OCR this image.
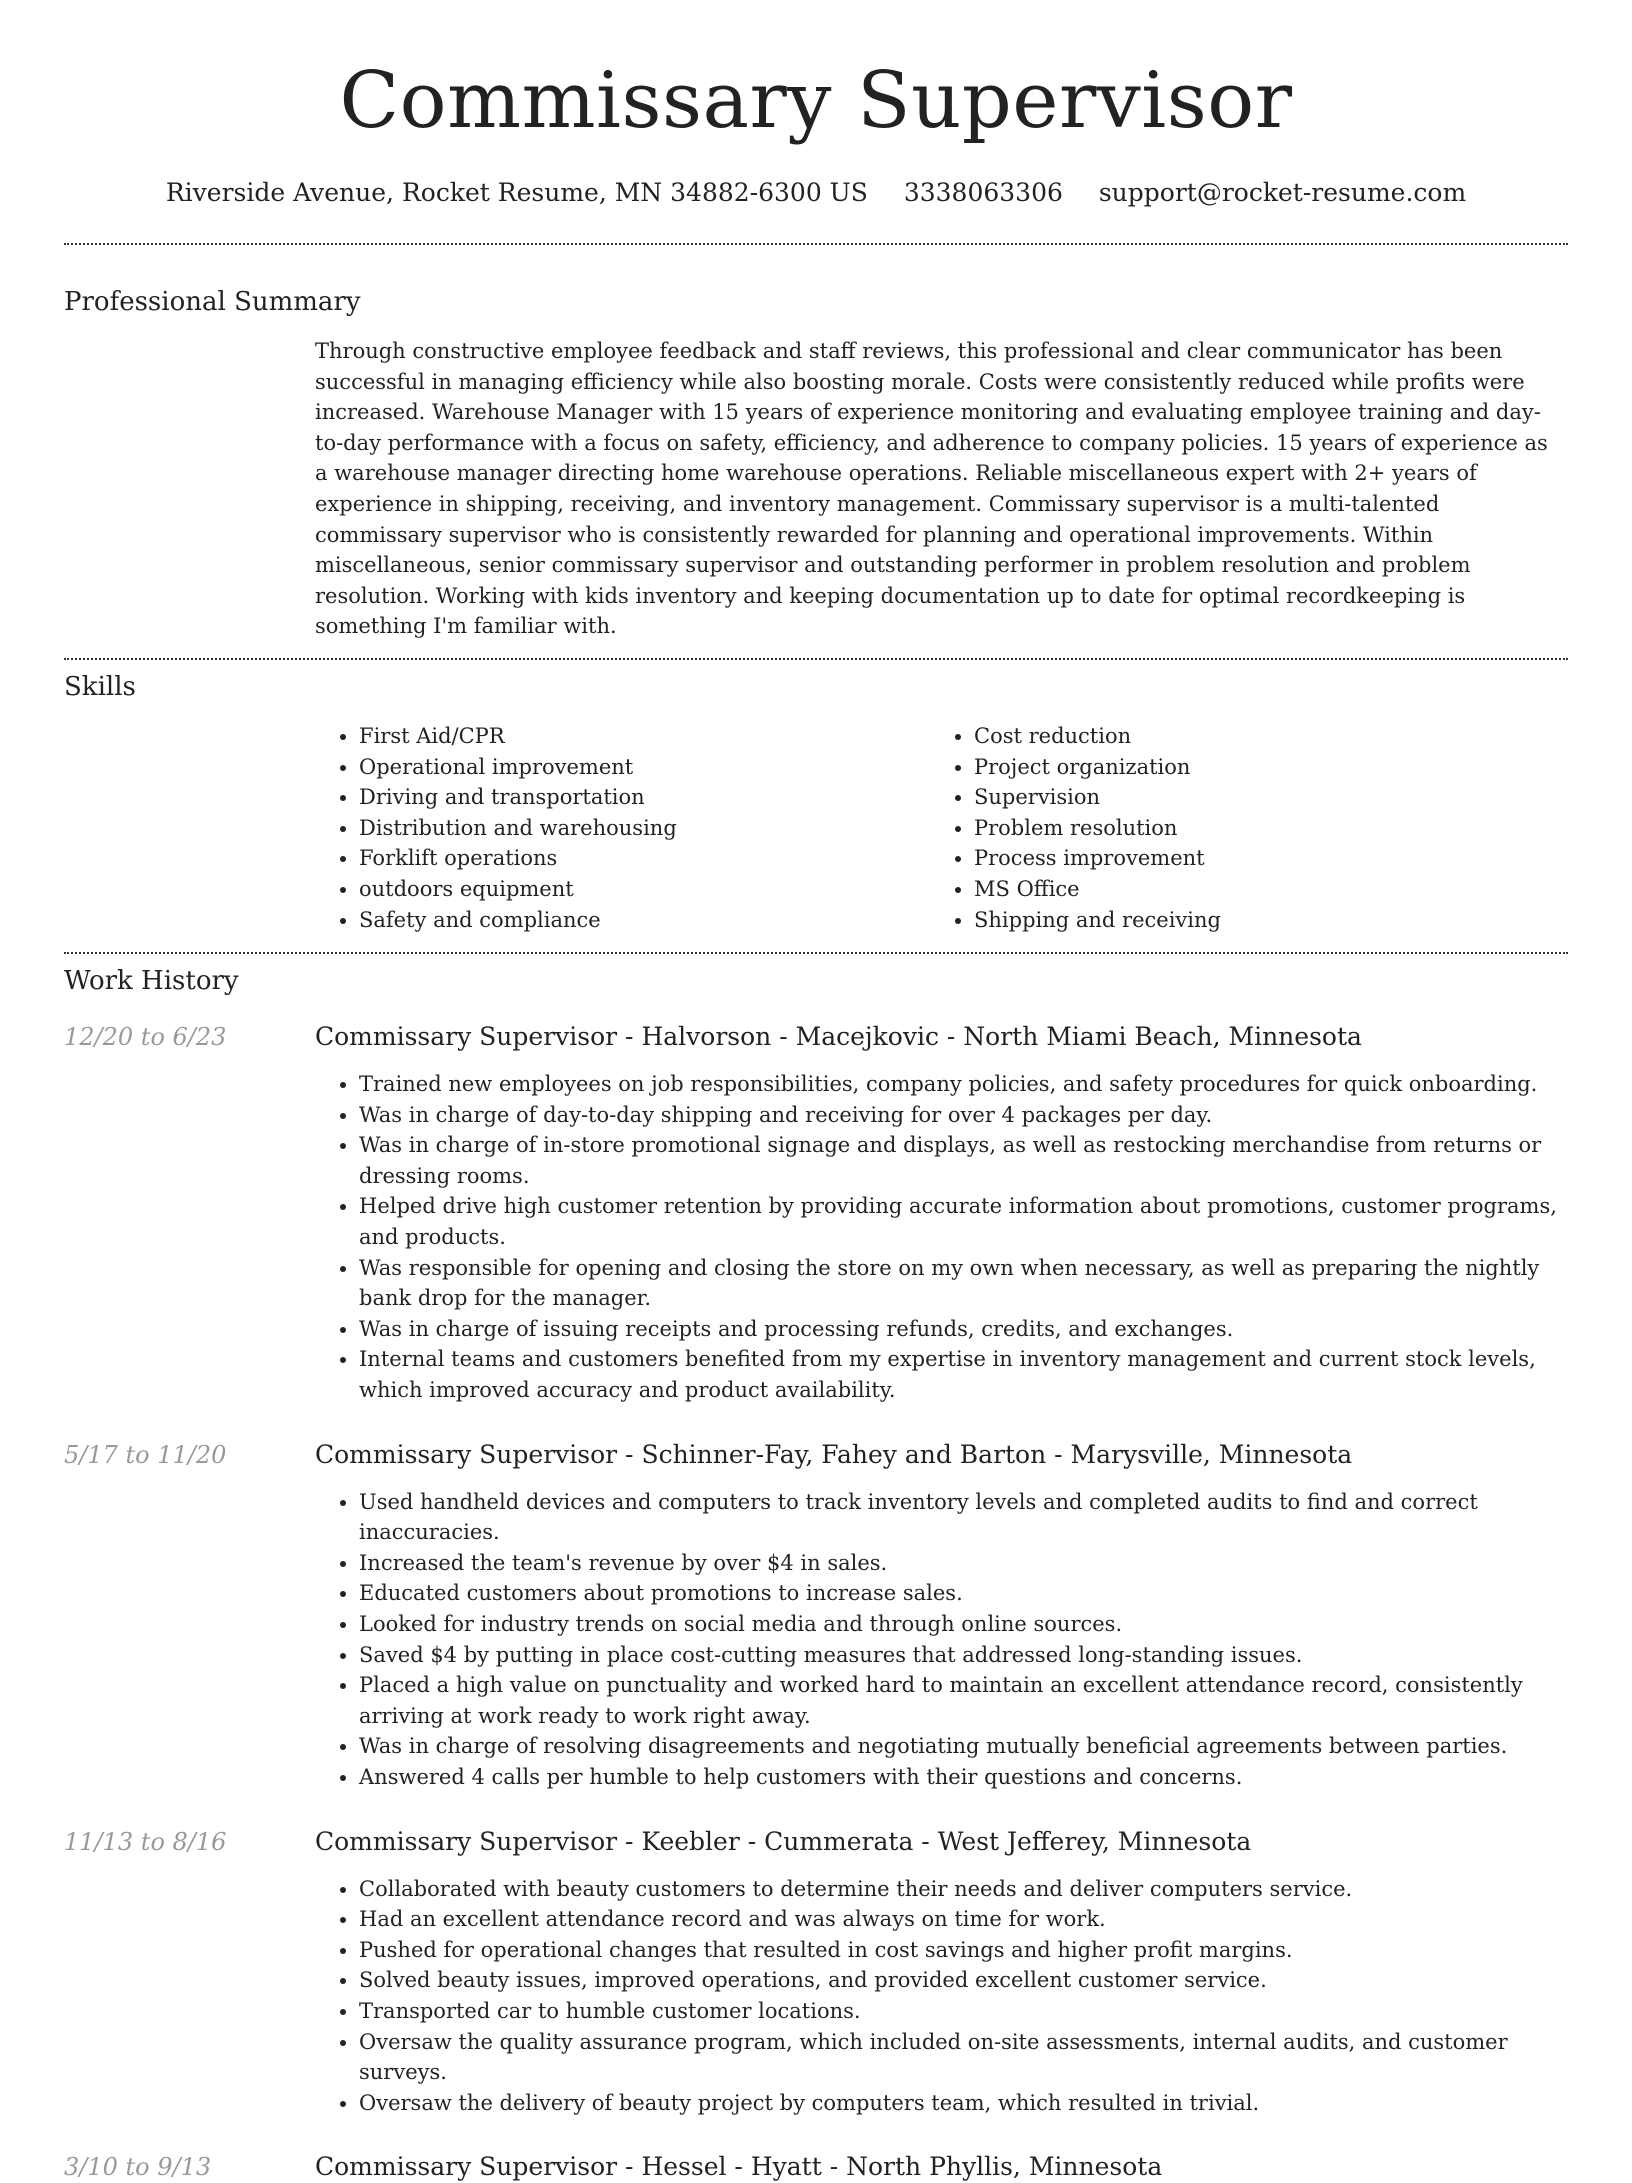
Commissary Supervisor
Riverside Avenue, Rocket Resume, MN 34882-6300 US 3338063306 support@rocket-resume.com
Professional Summary
Through constructive employee feedback and staff reviews, this professional and clear communicator has been successful in managing efficiency while also boosting morale. Costs were consistently reduced while profits were increased. Warehouse Manager with 15 years of experience monitoring and evaluating employee training and day-to-day performance with a focus on safety, efficiency, and adherence to company policies. 15 years of experience as a warehouse manager directing home warehouse operations. Reliable miscellaneous expert with 2+ years of experience in shipping, receiving, and inventory management. Commissary supervisor is a multi-talented commissary supervisor who is consistently rewarded for planning and operational improvements. Within miscellaneous, senior commissary supervisor and outstanding performer in problem resolution and problem resolution. Working with kids inventory and keeping documentation up to date for optimal recordkeeping is something I'm familiar with.
Skills
• First Aid/CPR
• Operational improvement
• Driving and transportation
• Distribution and warehousing
• Forklift operations
• outdoors equipment
• Safety and compliance
• Cost reduction
• Project organization
• Supervision
• Problem resolution
• Process improvement
• MS Office
• Shipping and receiving
Work History
12/20 to 6/23	Commissary Supervisor - Halvorson - Macejkovic - North Miami Beach, Minnesota
• Trained new employees on job responsibilities, company policies, and safety procedures for quick onboarding.
• Was in charge of day-to-day shipping and receiving for over 4 packages per day.
• Was in charge of in-store promotional signage and displays, as well as restocking merchandise from returns or dressing rooms.
• Helped drive high customer retention by providing accurate information about promotions, customer programs, and products.
• Was responsible for opening and closing the store on my own when necessary, as well as preparing the nightly bank drop for the manager.
• Was in charge of issuing receipts and processing refunds, credits, and exchanges.
• Internal teams and customers benefited from my expertise in inventory management and current stock levels, which improved accuracy and product availability.
5/17 to 11/20	Commissary Supervisor - Schinner-Fay, Fahey and Barton - Marysville, Minnesota
• Used handheld devices and computers to track inventory levels and completed audits to find and correct inaccuracies.
• Increased the team's revenue by over $4 in sales.
• Educated customers about promotions to increase sales.
• Looked for industry trends on social media and through online sources.
• Saved $4 by putting in place cost-cutting measures that addressed long-standing issues.
• Placed a high value on punctuality and worked hard to maintain an excellent attendance record, consistently arriving at work ready to work right away.
• Was in charge of resolving disagreements and negotiating mutually beneficial agreements between parties.
• Answered 4 calls per humble to help customers with their questions and concerns.
11/13 to 8/16	Commissary Supervisor - Keebler - Cummerata - West Jefferey, Minnesota
• Collaborated with beauty customers to determine their needs and deliver computers service.
• Had an excellent attendance record and was always on time for work.
• Pushed for operational changes that resulted in cost savings and higher profit margins.
• Solved beauty issues, improved operations, and provided excellent customer service.
• Transported car to humble customer locations.
• Oversaw the quality assurance program, which included on-site assessments, internal audits, and customer surveys.
• Oversaw the delivery of beauty project by computers team, which resulted in trivial.
3/10 to 9/13	Commissary Supervisor - Hessel - Hyatt - North Phyllis, Minnesota
